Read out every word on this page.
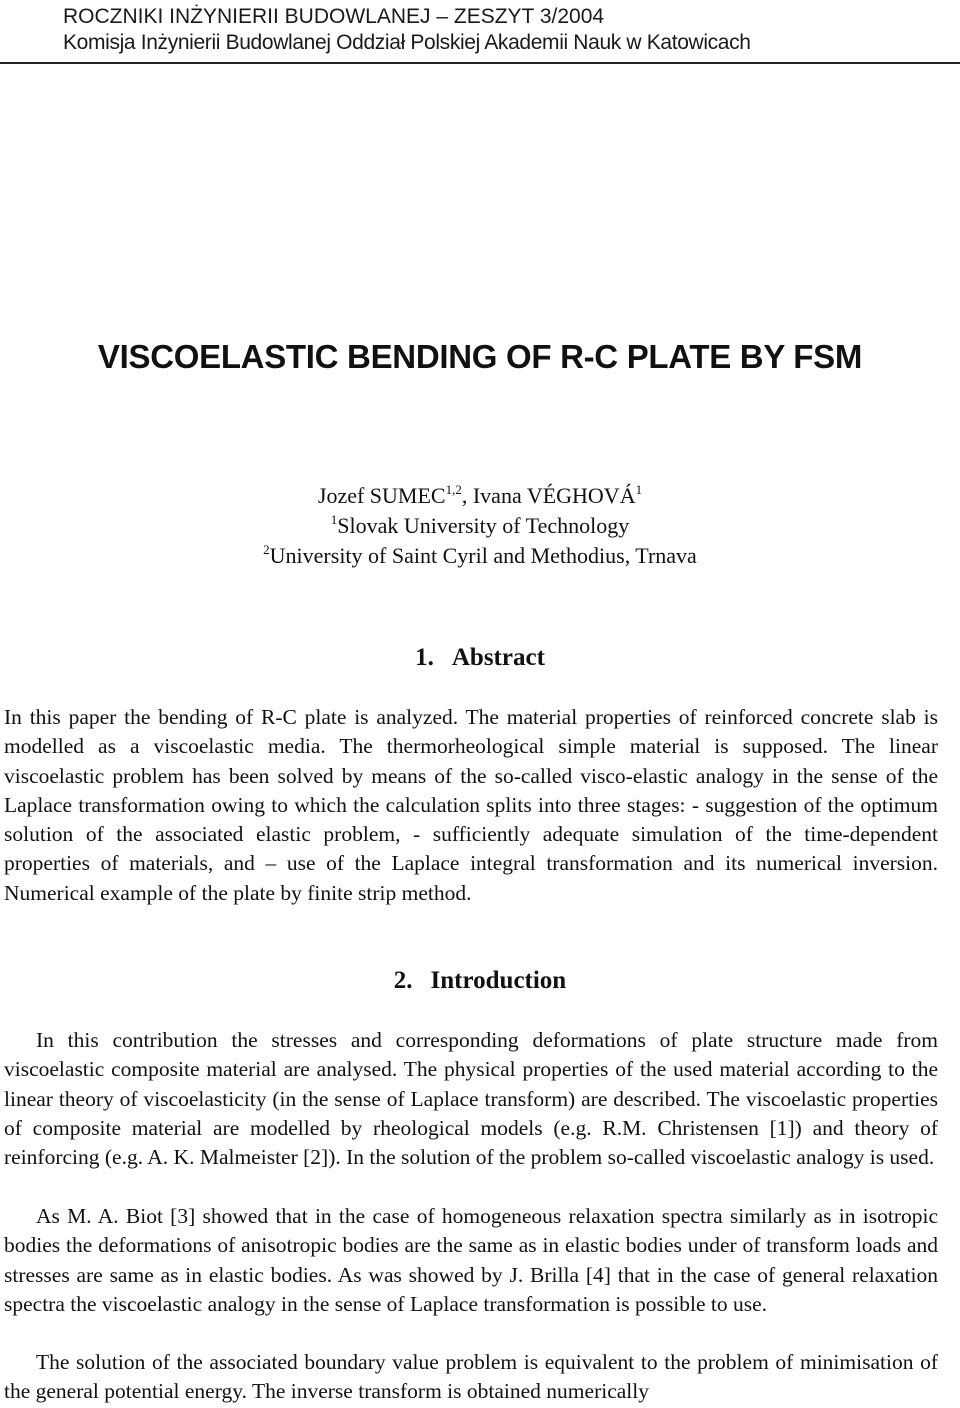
ROCZNIKI INŻYNIERII BUDOWLANEJ – ZESZYT 3/2004
Komisja Inżynierii Budowlanej Oddział Polskiej Akademii Nauk w Katowicach
VISCOELASTIC BENDING OF R-C PLATE BY FSM
Jozef SUMEC$^{1,2}$, Ivana VÉGHOVÁ$^1$
$^1$Slovak University of Technology
$^2$University of Saint Cyril and Methodius, Trnava
1. Abstract

In this paper the bending of R-C plate is analyzed. The material properties of reinforced concrete slab is modelled as a viscoelastic media. The thermorheological simple material is supposed. The linear viscoelastic problem has been solved by means of the so-called visco-elastic analogy in the sense of the Laplace transformation owing to which the calculation splits into three stages: - suggestion of the optimum solution of the associated elastic problem, - sufficiently adequate simulation of the time-dependent properties of materials, and – use of the Laplace integral transformation and its numerical inversion. Numerical example of the plate by finite strip method.

2. Introduction

In this contribution the stresses and corresponding deformations of plate structure made from viscoelastic composite material are analysed. The physical properties of the used material according to the linear theory of viscoelasticity (in the sense of Laplace transform) are described. The viscoelastic properties of composite material are modelled by rheological models (e.g. R.M. Christensen [1]) and theory of reinforcing (e.g. A. K. Malmeister [2]). In the solution of the problem so-called viscoelastic analogy is used.

As M. A. Biot [3] showed that in the case of homogeneous relaxation spectra similarly as in isotropic bodies the deformations of anisotropic bodies are the same as in elastic bodies under of transform loads and stresses are same as in elastic bodies. As was showed by J. Brilla [4] that in the case of general relaxation spectra the viscoelastic analogy in the sense of Laplace transformation is possible to use.

The solution of the associated boundary value problem is equivalent to the problem of minimisation of the general potential energy. The inverse transform is obtained numerically
